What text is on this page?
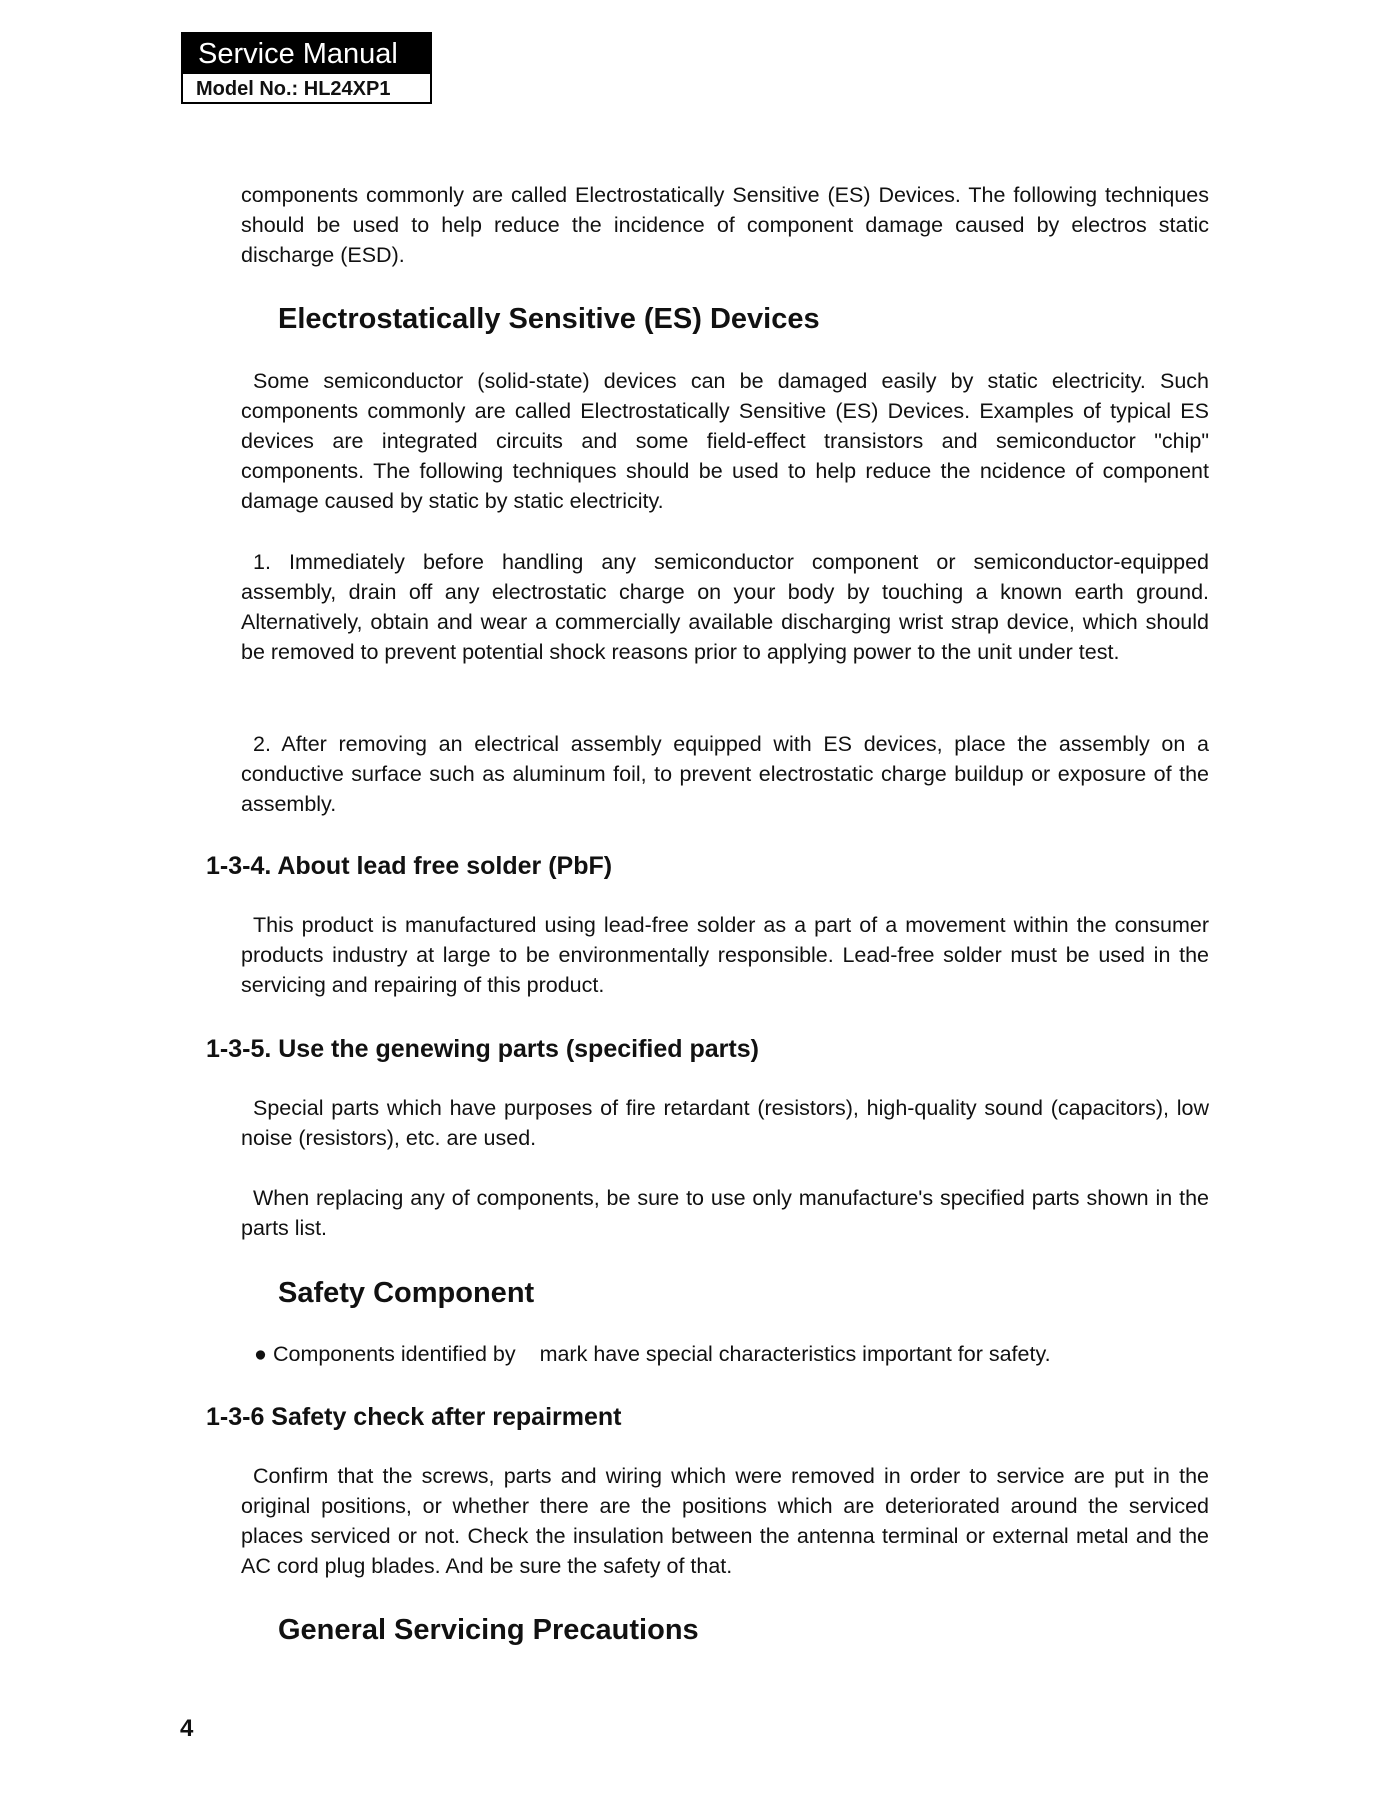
Service Manual
Model No.: HL24XP1

components commonly are called Electrostatically Sensitive (ES) Devices. The following techniques should be used to help reduce the incidence of component damage caused by electros static discharge (ESD).

Electrostatically Sensitive (ES) Devices

Some semiconductor (solid-state) devices can be damaged easily by static electricity. Such components commonly are called Electrostatically Sensitive (ES) Devices. Examples of typical ES devices are integrated circuits and some field-effect transistors and semiconductor "chip" components. The following techniques should be used to help reduce the ncidence of component damage caused by static by static electricity.

1. Immediately before handling any semiconductor component or semiconductor-equipped assembly, drain off any electrostatic charge on your body by touching a known earth ground. Alternatively, obtain and wear a commercially available discharging wrist strap device, which should be removed to prevent potential shock reasons prior to applying power to the unit under test.

2. After removing an electrical assembly equipped with ES devices, place the assembly on a conductive surface such as aluminum foil, to prevent electrostatic charge buildup or exposure of the assembly.

1-3-4. About lead free solder (PbF)

This product is manufactured using lead-free solder as a part of a movement within the consumer products industry at large to be environmentally responsible. Lead-free solder must be used in the servicing and repairing of this product.

1-3-5. Use the genewing parts (specified parts)

Special parts which have purposes of fire retardant (resistors), high-quality sound (capacitors), low noise (resistors), etc. are used.

When replacing any of components, be sure to use only manufacture's specified parts shown in the parts list.

Safety Component
● Components identified by mark have special characteristics important for safety.
1-3-6 Safety check after repairment

Confirm that the screws, parts and wiring which were removed in order to service are put in the original positions, or whether there are the positions which are deteriorated around the serviced places serviced or not. Check the insulation between the antenna terminal or external metal and the AC cord plug blades. And be sure the safety of that.

General Servicing Precautions
4
